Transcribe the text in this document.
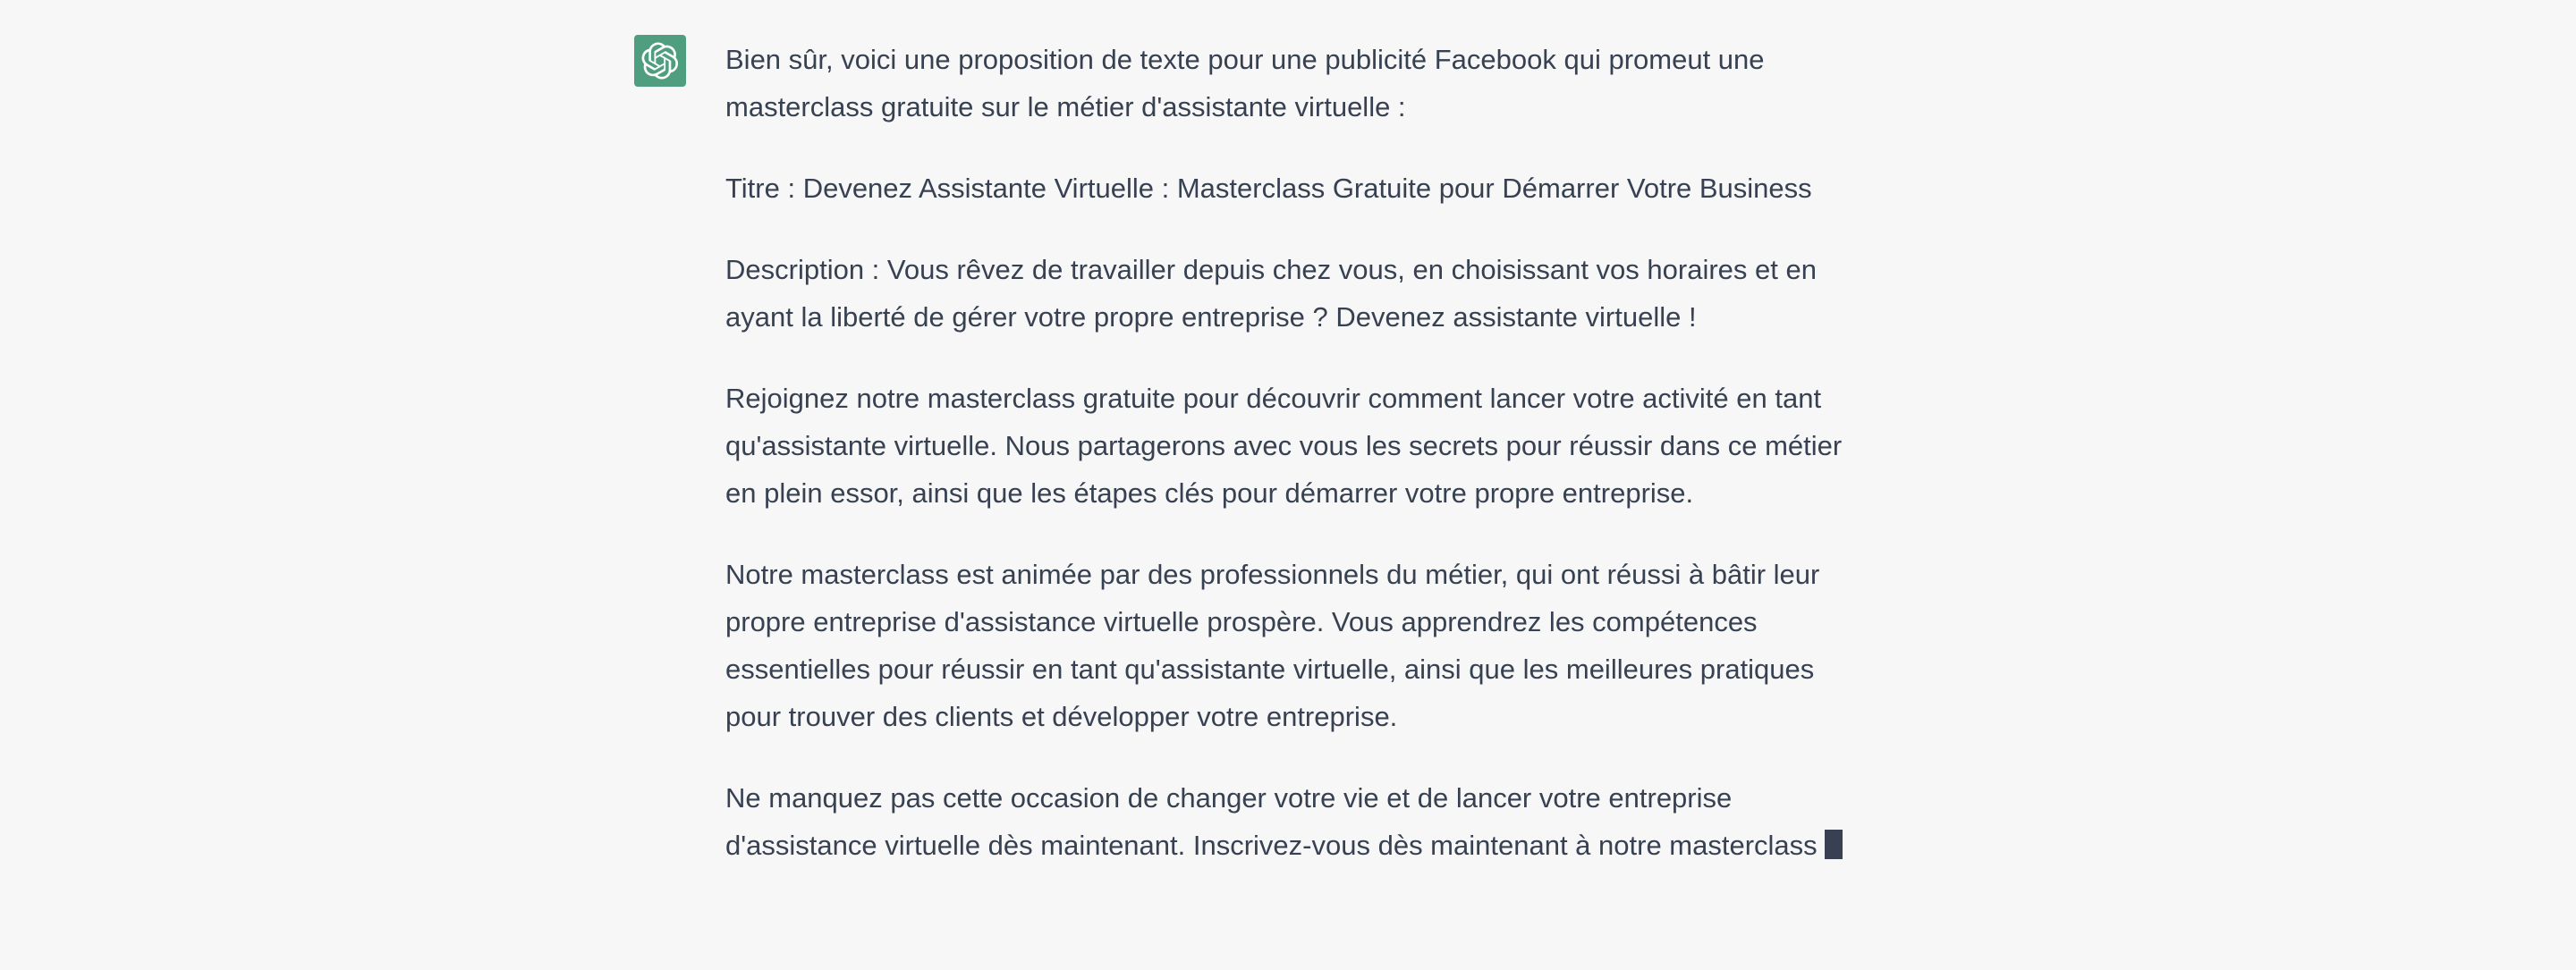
Bien sûr, voici une proposition de texte pour une publicité Facebook qui promeut une masterclass gratuite sur le métier d'assistante virtuelle :

Titre : Devenez Assistante Virtuelle : Masterclass Gratuite pour Démarrer Votre Business

Description : Vous rêvez de travailler depuis chez vous, en choisissant vos horaires et en ayant la liberté de gérer votre propre entreprise ? Devenez assistante virtuelle !

Rejoignez notre masterclass gratuite pour découvrir comment lancer votre activité en tant qu'assistante virtuelle. Nous partagerons avec vous les secrets pour réussir dans ce métier en plein essor, ainsi que les étapes clés pour démarrer votre propre entreprise.

Notre masterclass est animée par des professionnels du métier, qui ont réussi à bâtir leur propre entreprise d'assistance virtuelle prospère. Vous apprendrez les compétences essentielles pour réussir en tant qu'assistante virtuelle, ainsi que les meilleures pratiques pour trouver des clients et développer votre entreprise.

Ne manquez pas cette occasion de changer votre vie et de lancer votre entreprise d'assistance virtuelle dès maintenant. Inscrivez-vous dès maintenant à notre masterclass
